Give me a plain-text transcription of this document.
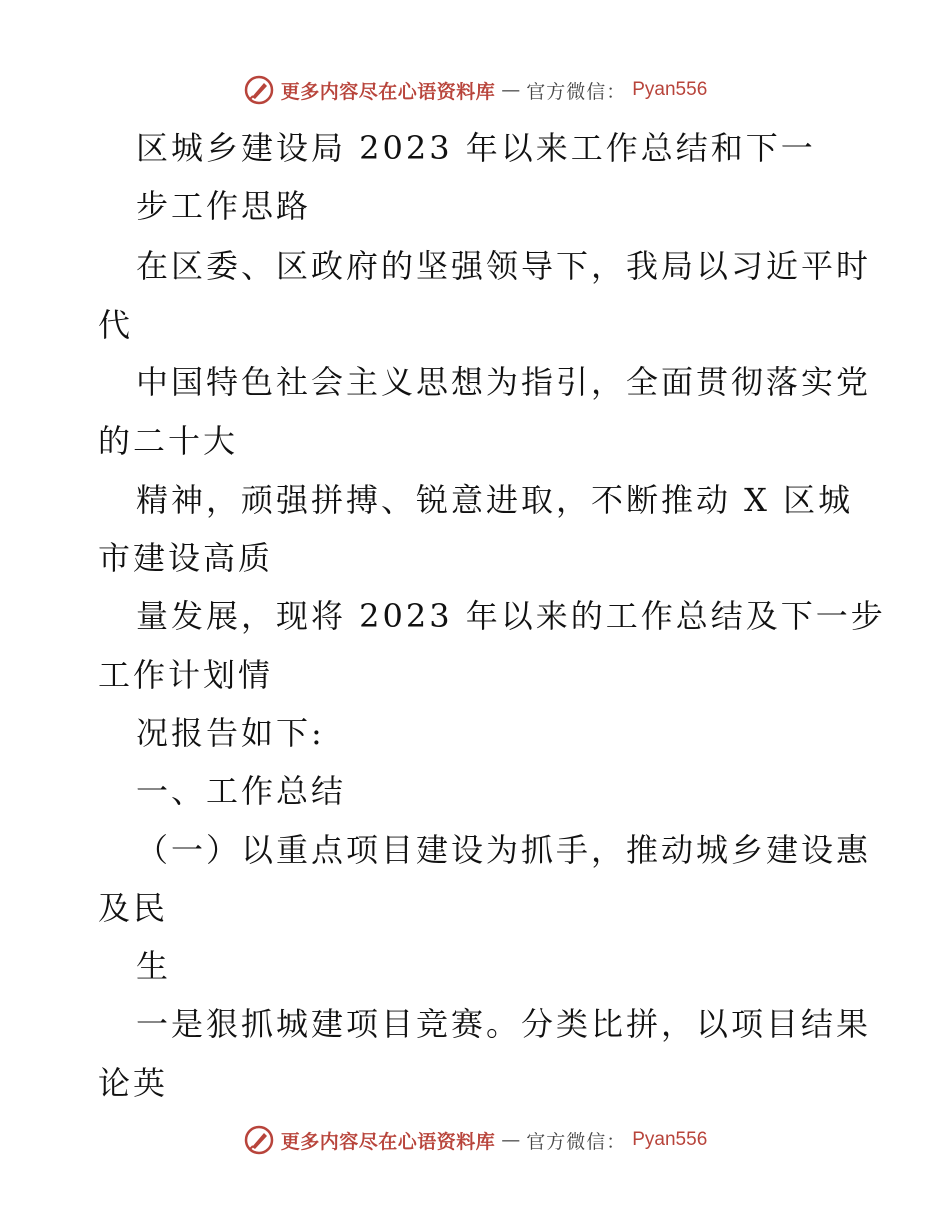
更多内容尽在心语资料库 — 官方微信： Pyan556
区城乡建设局 2023 年以来工作总结和下一
步工作思路
在区委、区政府的坚强领导下，我局以习近平时
代
中国特色社会主义思想为指引，全面贯彻落实党
的二十大
精神，顽强拼搏、锐意进取，不断推动 X 区城
市建设高质
量发展，现将 2023 年以来的工作总结及下一步
工作计划情
况报告如下:
一、工作总结
（一）以重点项目建设为抓手，推动城乡建设惠
及民
生
一是狠抓城建项目竞赛。分类比拼，以项目结果
论英
更多内容尽在心语资料库 — 官方微信： Pyan556
